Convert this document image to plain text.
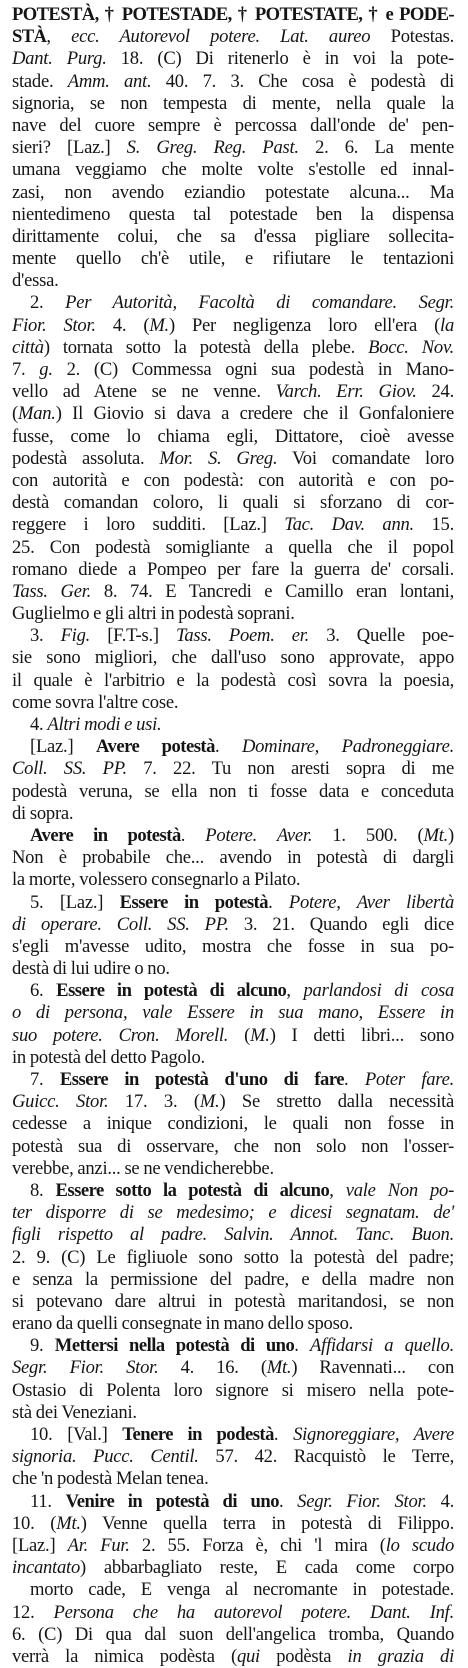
POTESTÀ, † POTESTADE, † POTESTATE, † e PODE-
STÀ, ecc. Autorevol potere. Lat. aureo Potestas.
Dant. Purg. 18. (C) Di ritenerlo è in voi la pote-
stade. Amm. ant. 40. 7. 3. Che cosa è podestà di
signoria, se non tempesta di mente, nella quale la
nave del cuore sempre è percossa dall'onde de' pen-
sieri? [Laz.] S. Greg. Reg. Past. 2. 6. La mente
umana veggiamo che molte volte s'estolle ed innal-
zasi, non avendo eziandio potestate alcuna... Ma
nientedimeno questa tal potestade ben la dispensa
dirittamente colui, che sa d'essa pigliare sollecita-
mente quello ch'è utile, e rifiutare le tentazioni
d'essa.
2. Per Autorità, Facoltà di comandare. Segr.
Fior. Stor. 4. (M.) Per negligenza loro ell'era (la
città) tornata sotto la potestà della plebe. Bocc. Nov.
7. g. 2. (C) Commessa ogni sua podestà in Mano-
vello ad Atene se ne venne. Varch. Err. Giov. 24.
(Man.) Il Giovio si dava a credere che il Gonfaloniere
fusse, come lo chiama egli, Dittatore, cioè avesse
podestà assoluta. Mor. S. Greg. Voi comandate loro
con autorità e con podestà: con autorità e con po-
destà comandan coloro, li quali si sforzano di cor-
reggere i loro sudditi. [Laz.] Tac. Dav. ann. 15.
25. Con podestà somigliante a quella che il popol
romano diede a Pompeo per fare la guerra de' corsali.
Tass. Ger. 8. 74. E Tancredi e Camillo eran lontani,
Guglielmo e gli altri in podestà soprani.
3. Fig. [F.T-s.] Tass. Poem. er. 3. Quelle poe-
sie sono migliori, che dall'uso sono approvate, appo
il quale è l'arbitrio e la podestà così sovra la poesia,
come sovra l'altre cose.
4. Altri modi e usi.
[Laz.] Avere potestà. Dominare, Padroneggiare.
Coll. SS. PP. 7. 22. Tu non aresti sopra di me
podestà veruna, se ella non ti fosse data e conceduta
di sopra.
Avere in potestà. Potere. Aver. 1. 500. (Mt.)
Non è probabile che... avendo in potestà di dargli
la morte, volessero consegnarlo a Pilato.
5. [Laz.] Essere in potestà. Potere, Aver libertà
di operare. Coll. SS. PP. 3. 21. Quando egli dice
s'egli m'avesse udito, mostra che fosse in sua po-
destà di lui udire o no.
6. Essere in potestà di alcuno, parlandosi di cosa
o di persona, vale Essere in sua mano, Essere in
suo potere. Cron. Morell. (M.) I detti libri... sono
in potestà del detto Pagolo.
7. Essere in potestà d'uno di fare. Poter fare.
Guicc. Stor. 17. 3. (M.) Se stretto dalla necessità
cedesse a inique condizioni, le quali non fosse in
potestà sua di osservare, che non solo non l'osser-
verebbe, anzi... se ne vendicherebbe.
8. Essere sotto la potestà di alcuno, vale Non po-
ter disporre di se medesimo; e dicesi segnatam. de'
figli rispetto al padre. Salvin. Annot. Tanc. Buon.
2. 9. (C) Le figliuole sono sotto la potestà del padre;
e senza la permissione del padre, e della madre non
si potevano dare altrui in potestà maritandosi, se non
erano da quelli consegnate in mano dello sposo.
9. Mettersi nella potestà di uno. Affidarsi a quello.
Segr. Fior. Stor. 4. 16. (Mt.) Ravennati... con
Ostasio di Polenta loro signore si misero nella pote-
stà dei Veneziani.
10. [Val.] Tenere in podestà. Signoreggiare, Avere
signoria. Pucc. Centil. 57. 42. Racquistò le Terre,
che 'n podestà Melan tenea.
11. Venire in potestà di uno. Segr. Fior. Stor. 4.
10. (Mt.) Venne quella terra in potestà di Filippo.
[Laz.] Ar. Fur. 2. 55. Forza è, chi 'l mira (lo scudo
incantato) abbarbagliato reste, E cada come corpo
morto cade, E venga al necromante in potestade.
12. Persona che ha autorevol potere. Dant. Inf.
6. (C) Di qua dal suon dell'angelica tromba, Quando
verrà la nimica podèsta (qui podèsta in grazia di
